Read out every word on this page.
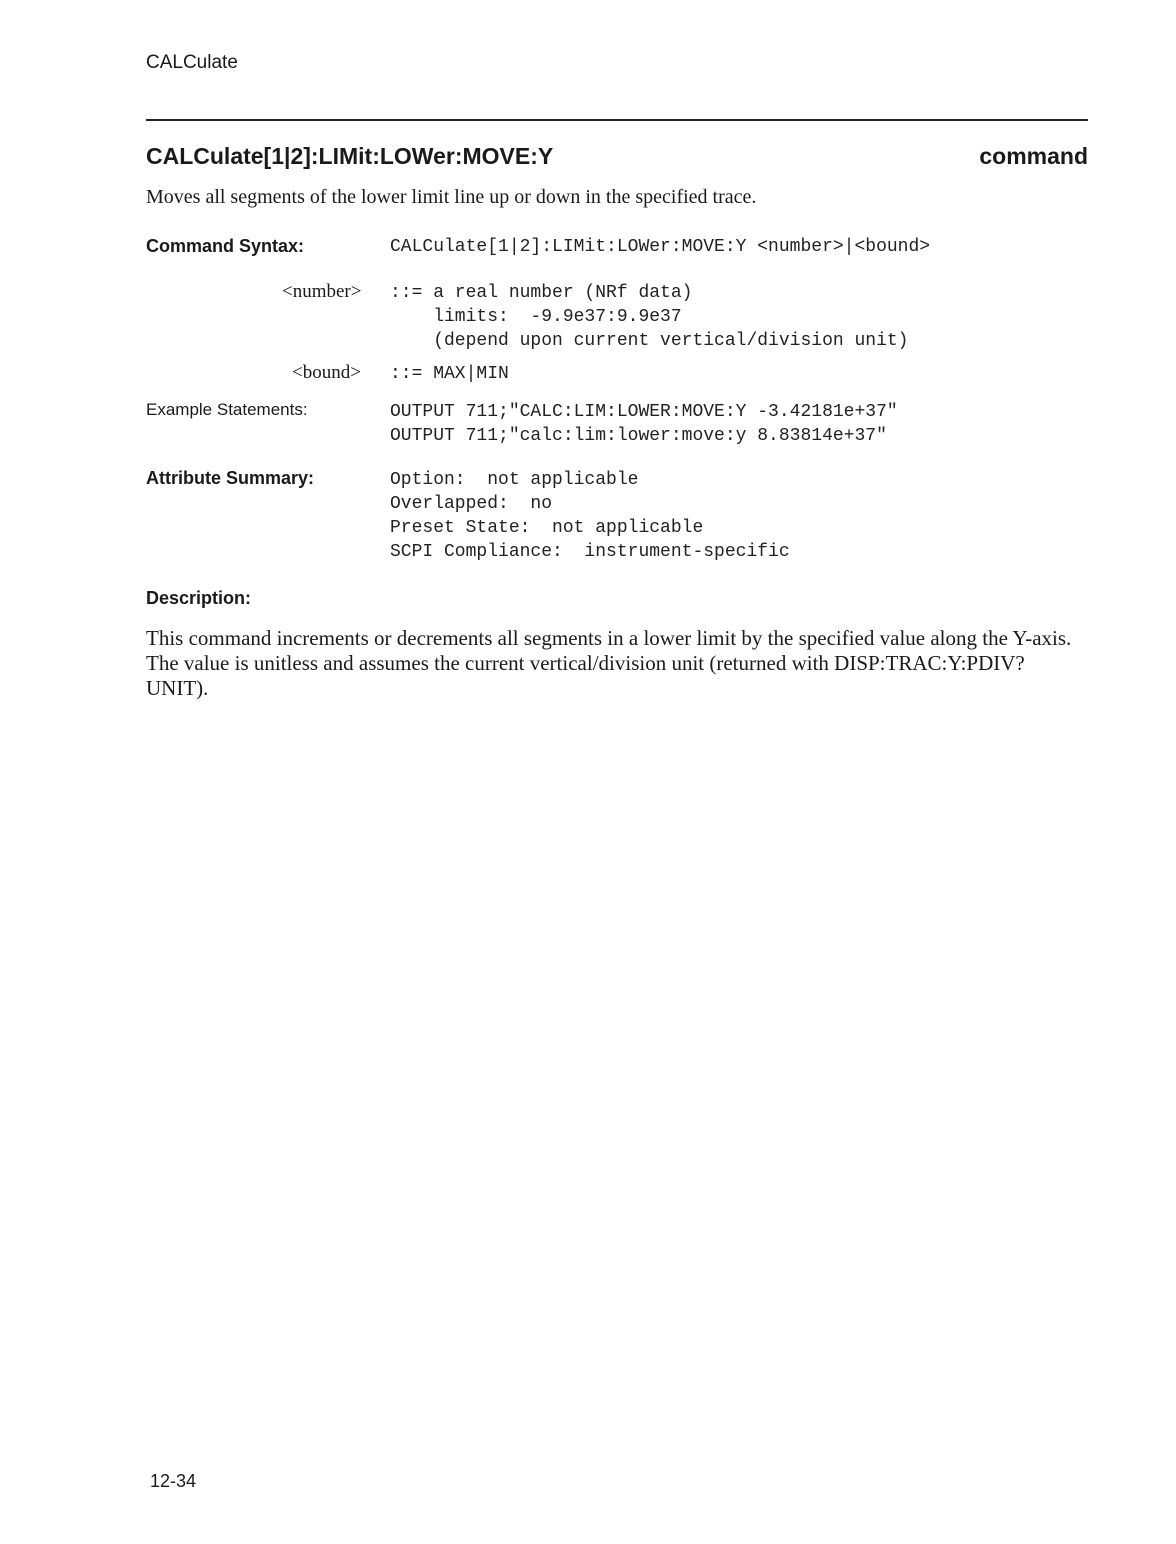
CALCulate
CALCulate[1|2]:LIMit:LOWer:MOVE:Y	command
Moves all segments of the lower limit line up or down in the specified trace.
Command Syntax:	CALCulate[1|2]:LIMit:LOWer:MOVE:Y <number>|<bound>
<number> ::= a real number (NRf data)
limits:  -9.9e37:9.9e37
(depend upon current vertical/division unit)
<bound> ::= MAX|MIN
Example Statements:	OUTPUT 711;"CALC:LIM:LOWER:MOVE:Y -3.42181e+37"
OUTPUT 711;"calc:lim:lower:move:y 8.83814e+37"
Attribute Summary:	Option:  not applicable
Overlapped:  no
Preset State:  not applicable
SCPI Compliance:  instrument-specific
Description:
This command increments or decrements all segments in a lower limit by the specified value along the Y-axis. The value is unitless and assumes the current vertical/division unit (returned with DISP:TRAC:Y:PDIV? UNIT).
12-34
